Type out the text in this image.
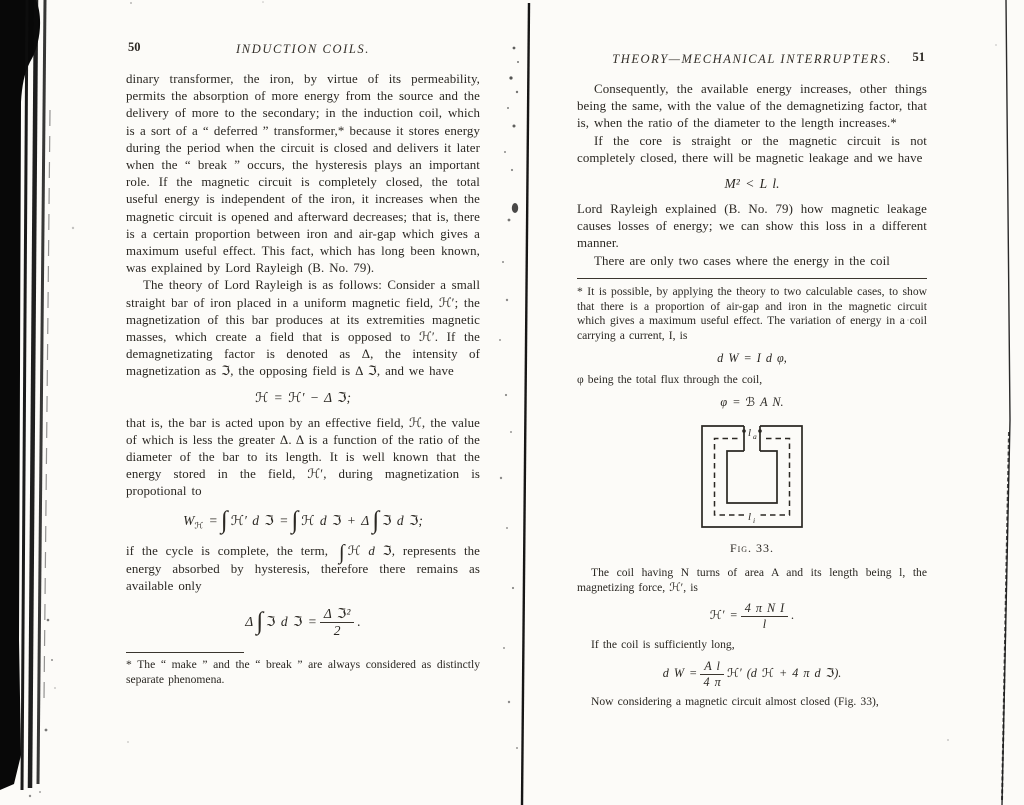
50	INDUCTION COILS.

dinary transformer, the iron, by virtue of its permeability, permits the absorption of more energy from the source and the delivery of more to the secondary; in the induction coil, which is a sort of a “ deferred ” transformer,* because it stores energy during the period when the circuit is closed and delivers it later when the “ break ” occurs, the hysteresis plays an important role. If the magnetic circuit is completely closed, the total useful energy is independent of the iron, it increases when the magnetic circuit is opened and afterward decreases; that is, there is a certain proportion between iron and air-gap which gives a maximum useful effect. This fact, which has long been known, was explained by Lord Rayleigh (B. No. 79).

The theory of Lord Rayleigh is as follows: Consider a small straight bar of iron placed in a uniform magnetic field, ℋ′; the magnetization of this bar produces at its extremities magnetic masses, which create a field that is opposed to ℋ′. If the demagnetizating factor is denoted as Δ, the intensity of magnetization as ℑ, the opposing field is Δ ℑ, and we have

ℋ = ℋ′ − Δ ℑ;

that is, the bar is acted upon by an effective field, ℋ, the value of which is less the greater Δ. Δ is a function of the ratio of the diameter of the bar to its length. It is well known that the energy stored in the field, ℋ′, during magnetization is propotional to

$W_ℋ$ = ∫ ℋ′ d ℑ = ∫ ℋ d ℑ + Δ ∫ ℑ d ℑ;

if the cycle is complete, the term, ∫ ℋ d ℑ, represents the energy absorbed by hysteresis, therefore there remains as available only

Δ ∫ ℑ d ℑ = $\frac{\text{Δ ℑ²}}{2}$ .

* The “ make ” and the “ break ” are always considered as distinctly separate phenomena.

51
THEORY—MECHANICAL INTERRUPTERS.

Consequently, the available energy increases, other things being the same, with the value of the demagnetizing factor, that is, when the ratio of the diameter to the length increases.*

If the core is straight or the magnetic circuit is not completely closed, there will be magnetic leakage and we have

M² < L l.

Lord Rayleigh explained (B. No. 79) how magnetic leakage causes losses of energy; we can show this loss in a different manner.

There are only two cases where the energy in the coil

* It is possible, by applying the theory to two calculable cases, to show that there is a proportion of air-gap and iron in the magnetic circuit which gives a maximum useful effect. The variation of energy in a coil carrying a current, I, is

d W = I d φ,

φ being the total flux through the coil,

φ = ℬ A N.
l a
l i
Fig. 33.

The coil having N turns of area A and its length being l, the magnetizing force, ℋ′, is

ℋ′ = $\frac{\text{4 π N I}}{l}$ .

If the coil is sufficiently long,

d $W = \frac{\text{A l}}{4 \pi}$ ℋ′ (d ℋ + 4 π d ℑ).

Now considering a magnetic circuit almost closed (Fig. 33),
